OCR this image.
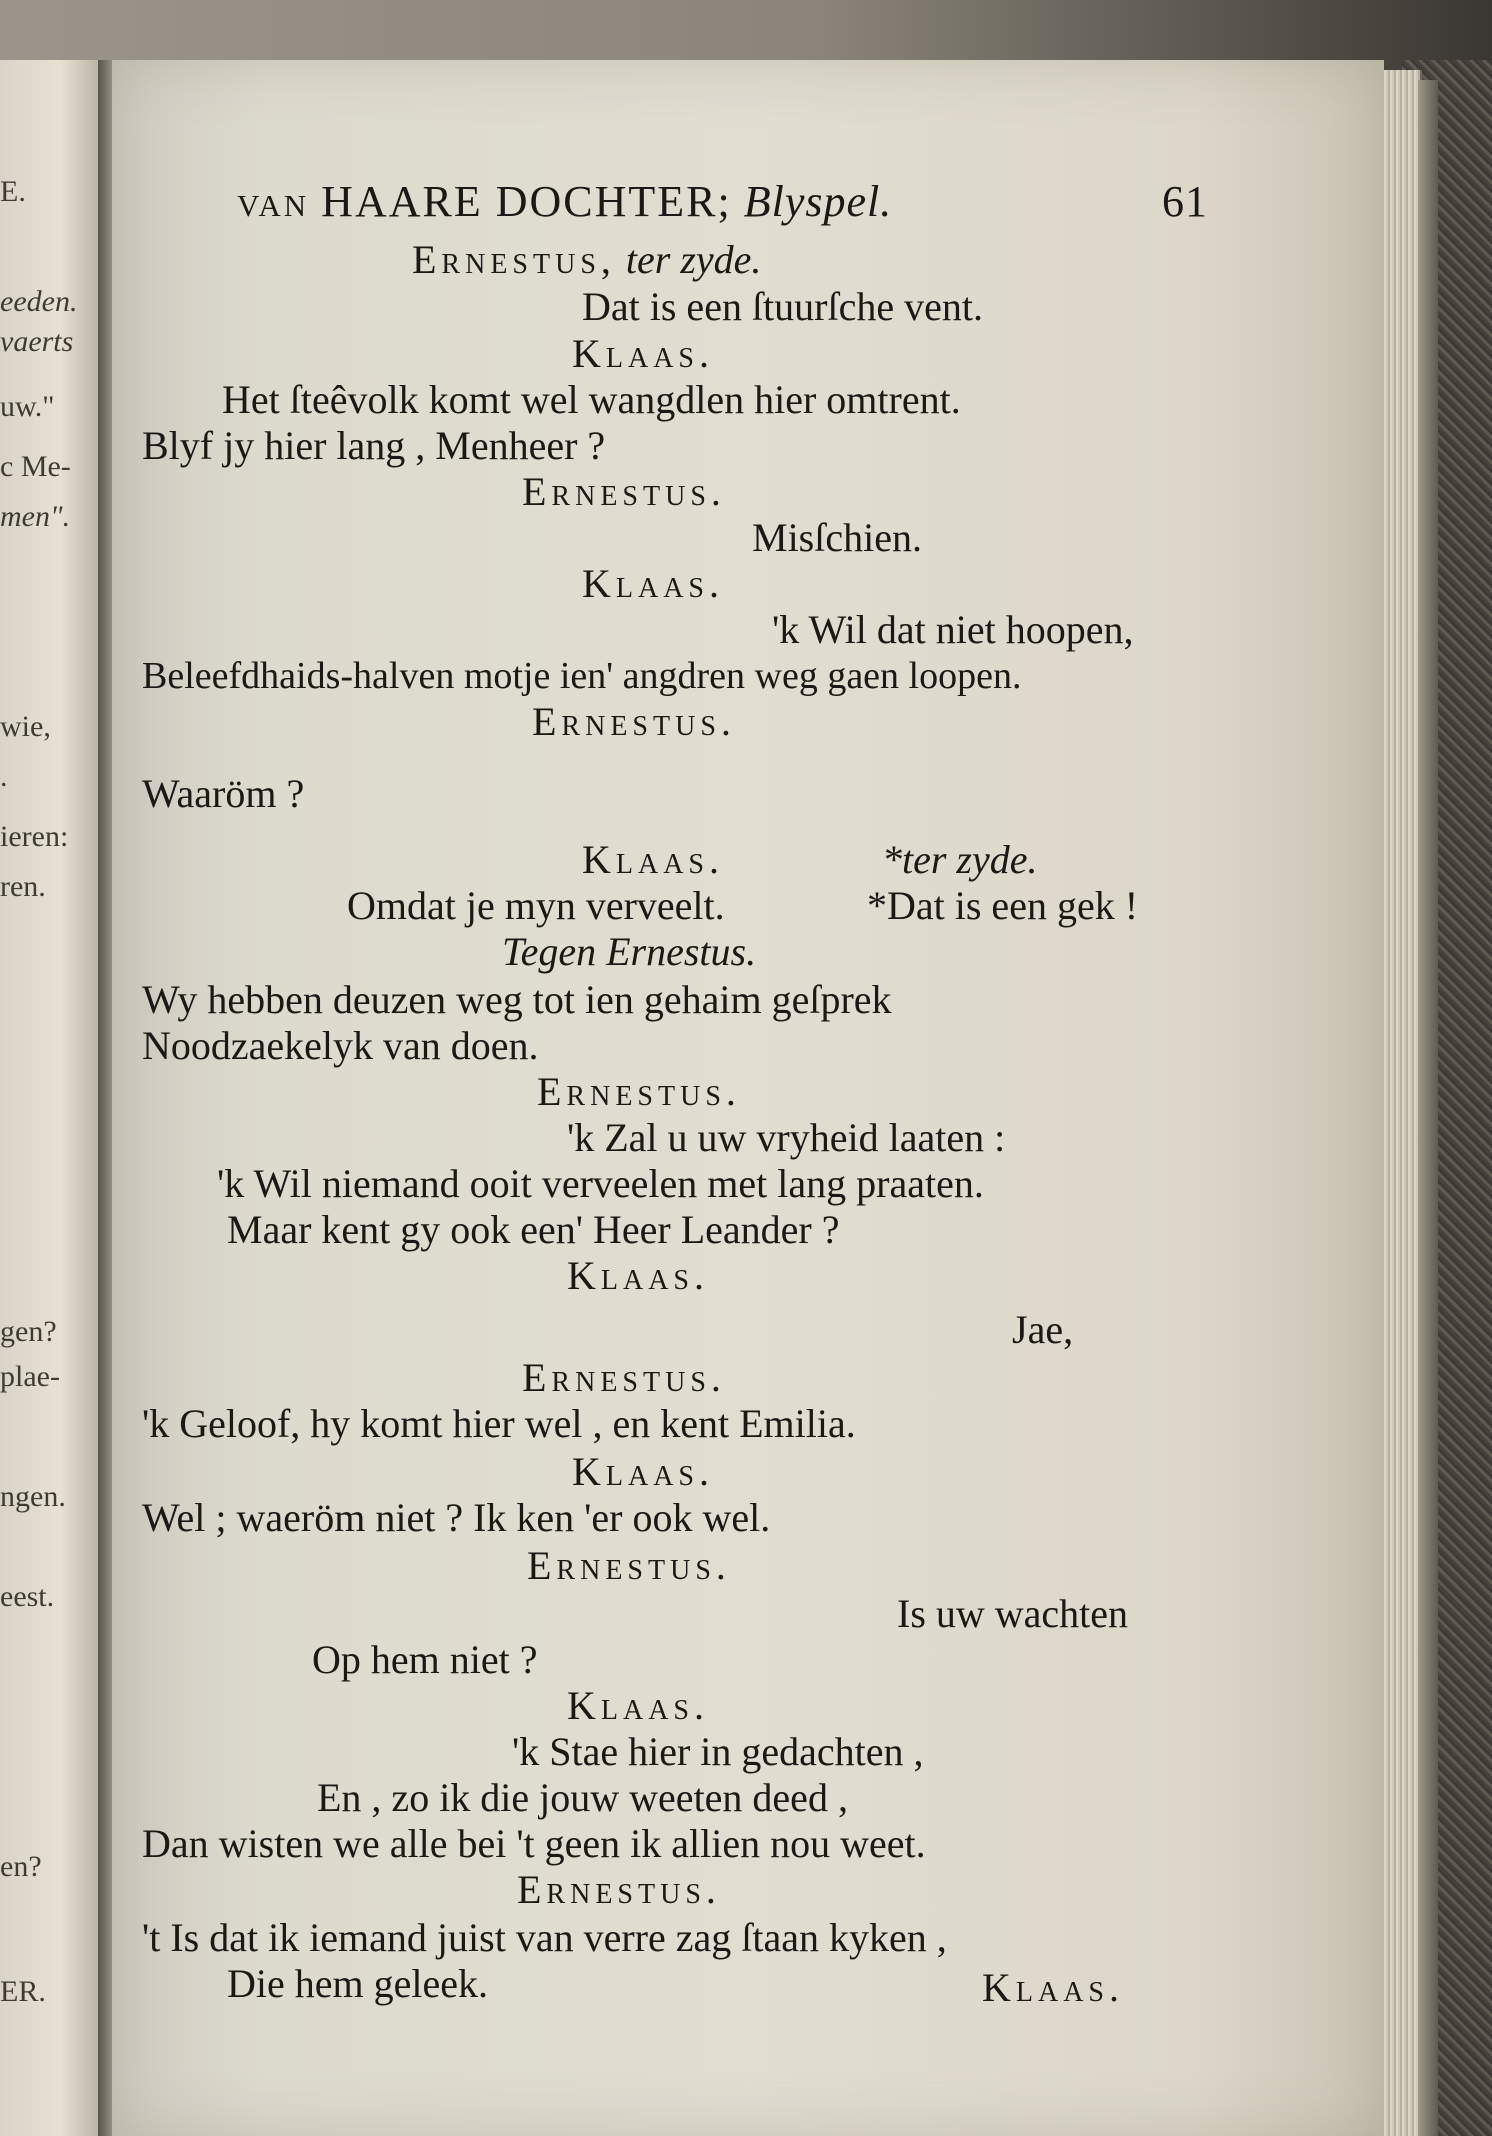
E.
eeden.
vaerts
uw."
c Me-
men".
wie,
.
ieren:
ren.
gen?
plae-
ngen.
eest.
en?
ER.
van HAARE DOCHTER; Blyspel.	61
Ernestus, ter zyde.
Dat is een ſtuurſche vent.
Klaas.
Het ſteêvolk komt wel wangdlen hier omtrent.
Blyf jy hier lang , Menheer ?
Ernestus.
Misſchien.
Klaas.
'k Wil dat niet hoopen,
Beleefdhaids-halven motje ien' angdren weg gaen loopen.
Ernestus.
Waaröm ?
Klaas.	*ter zyde.
Omdat je myn verveelt.	*Dat is een gek !
Tegen Ernestus.
Wy hebben deuzen weg tot ien gehaim geſprek
Noodzaekelyk van doen.
Ernestus.
'k Zal u uw vryheid laaten :
'k Wil niemand ooit verveelen met lang praaten.
Maar kent gy ook een' Heer Leander ?
Klaas.
Jae,
Ernestus.
'k Geloof, hy komt hier wel , en kent Emilia.
Klaas.
Wel ; waeröm niet ? Ik ken 'er ook wel.
Ernestus.
Is uw wachten
Op hem niet ?
Klaas.
'k Stae hier in gedachten ,
En , zo ik die jouw weeten deed ,
Dan wisten we alle bei 't geen ik allien nou weet.
Ernestus.
't Is dat ik iemand juist van verre zag ſtaan kyken ,
Die hem geleek.	Klaas.
